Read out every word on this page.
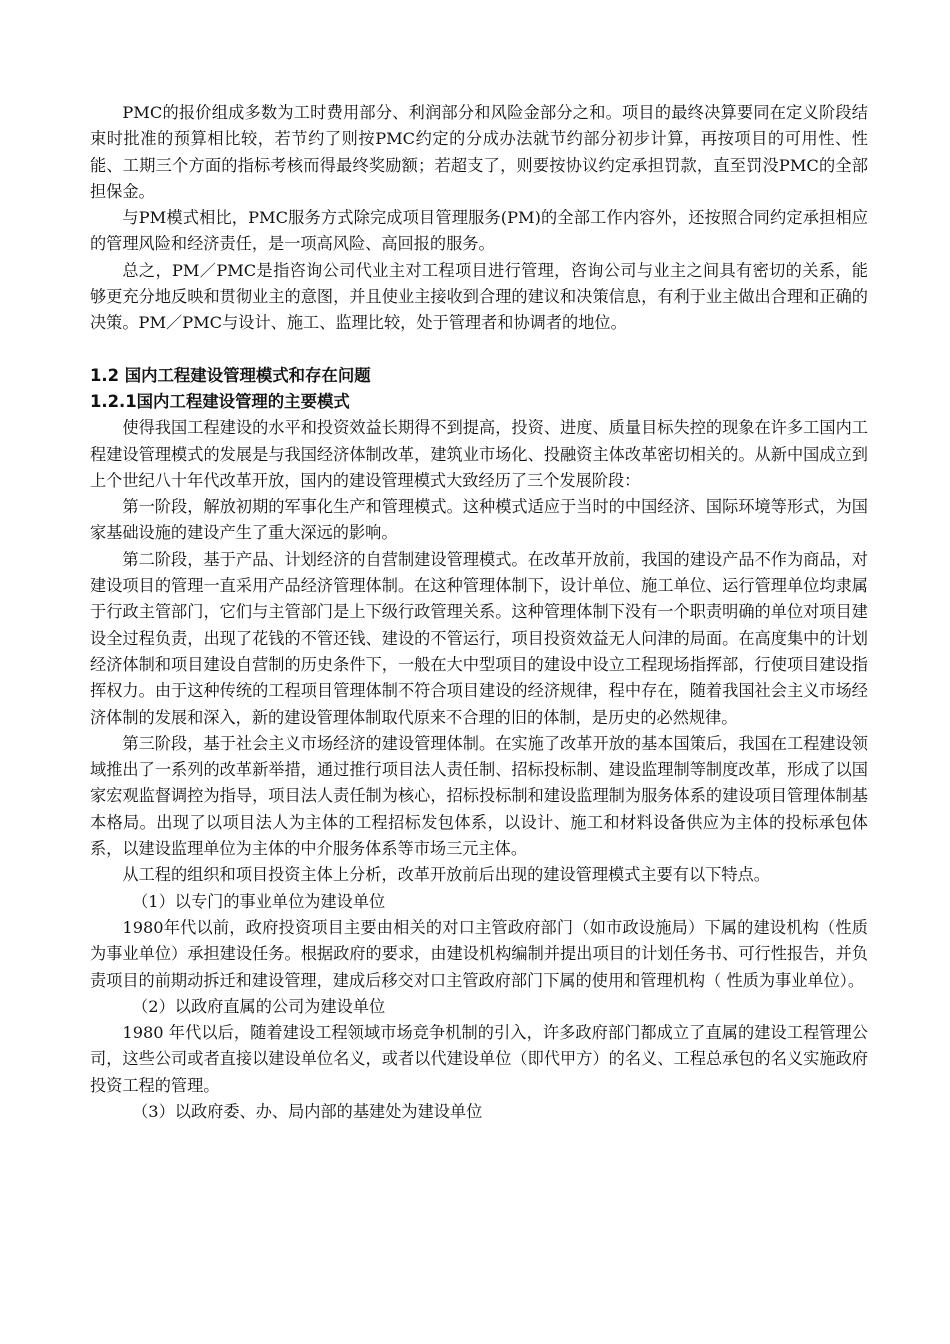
PMC的报价组成多数为工时费用部分、利润部分和风险金部分之和。项目的最终决算要同在定义阶段结束时批准的预算相比较，若节约了则按PMC约定的分成办法就节约部分初步计算，再按项目的可用性、性能、工期三个方面的指标考核而得最终奖励额；若超支了，则要按协议约定承担罚款，直至罚没PMC的全部担保金。

与PM模式相比，PMC服务方式除完成项目管理服务(PM)的全部工作内容外，还按照合同约定承担相应的管理风险和经济责任，是一项高风险、高回报的服务。

总之，PM／PMC是指咨询公司代业主对工程项目进行管理，咨询公司与业主之间具有密切的关系，能够更充分地反映和贯彻业主的意图，并且使业主接收到合理的建议和决策信息，有利于业主做出合理和正确的决策。PM／PMC与设计、施工、监理比较，处于管理者和协调者的地位。

1.2 国内工程建设管理模式和存在问题
1.2.1国内工程建设管理的主要模式

使得我国工程建设的水平和投资效益长期得不到提高，投资、进度、质量目标失控的现象在许多工国内工程建设管理模式的发展是与我国经济体制改革，建筑业市场化、投融资主体改革密切相关的。从新中国成立到上个世纪八十年代改革开放，国内的建设管理模式大致经历了三个发展阶段：

第一阶段，解放初期的军事化生产和管理模式。这种模式适应于当时的中国经济、国际环境等形式，为国家基础设施的建设产生了重大深远的影响。

第二阶段，基于产品、计划经济的自营制建设管理模式。在改革开放前，我国的建设产品不作为商品，对建设项目的管理一直采用产品经济管理体制。在这种管理体制下，设计单位、施工单位、运行管理单位均隶属于行政主管部门，它们与主管部门是上下级行政管理关系。这种管理体制下没有一个职责明确的单位对项目建设全过程负责，出现了花钱的不管还钱、建设的不管运行，项目投资效益无人问津的局面。在高度集中的计划经济体制和项目建设自营制的历史条件下，一般在大中型项目的建设中设立工程现场指挥部，行使项目建设指挥权力。由于这种传统的工程项目管理体制不符合项目建设的经济规律，程中存在，随着我国社会主义市场经济体制的发展和深入，新的建设管理体制取代原来不合理的旧的体制，是历史的必然规律。

第三阶段，基于社会主义市场经济的建设管理体制。在实施了改革开放的基本国策后，我国在工程建设领域推出了一系列的改革新举措，通过推行项目法人责任制、招标投标制、建设监理制等制度改革，形成了以国家宏观监督调控为指导，项目法人责任制为核心，招标投标制和建设监理制为服务体系的建设项目管理体制基本格局。出现了以项目法人为主体的工程招标发包体系，以设计、施工和材料设备供应为主体的投标承包体系，以建设监理单位为主体的中介服务体系等市场三元主体。

从工程的组织和项目投资主体上分析，改革开放前后出现的建设管理模式主要有以下特点。

（1）以专门的事业单位为建设单位

1980年代以前，政府投资项目主要由相关的对口主管政府部门（如市政设施局）下属的建设机构（性质为事业单位）承担建设任务。根据政府的要求，由建设机构编制并提出项目的计划任务书、可行性报告，并负责项目的前期动拆迁和建设管理，建成后移交对口主管政府部门下属的使用和管理机构（ 性质为事业单位）。

（2）以政府直属的公司为建设单位

1980 年代以后，随着建设工程领域市场竞争机制的引入，许多政府部门都成立了直属的建设工程管理公司，这些公司或者直接以建设单位名义，或者以代建设单位（即代甲方）的名义、工程总承包的名义实施政府投资工程的管理。

（3）以政府委、办、局内部的基建处为建设单位
